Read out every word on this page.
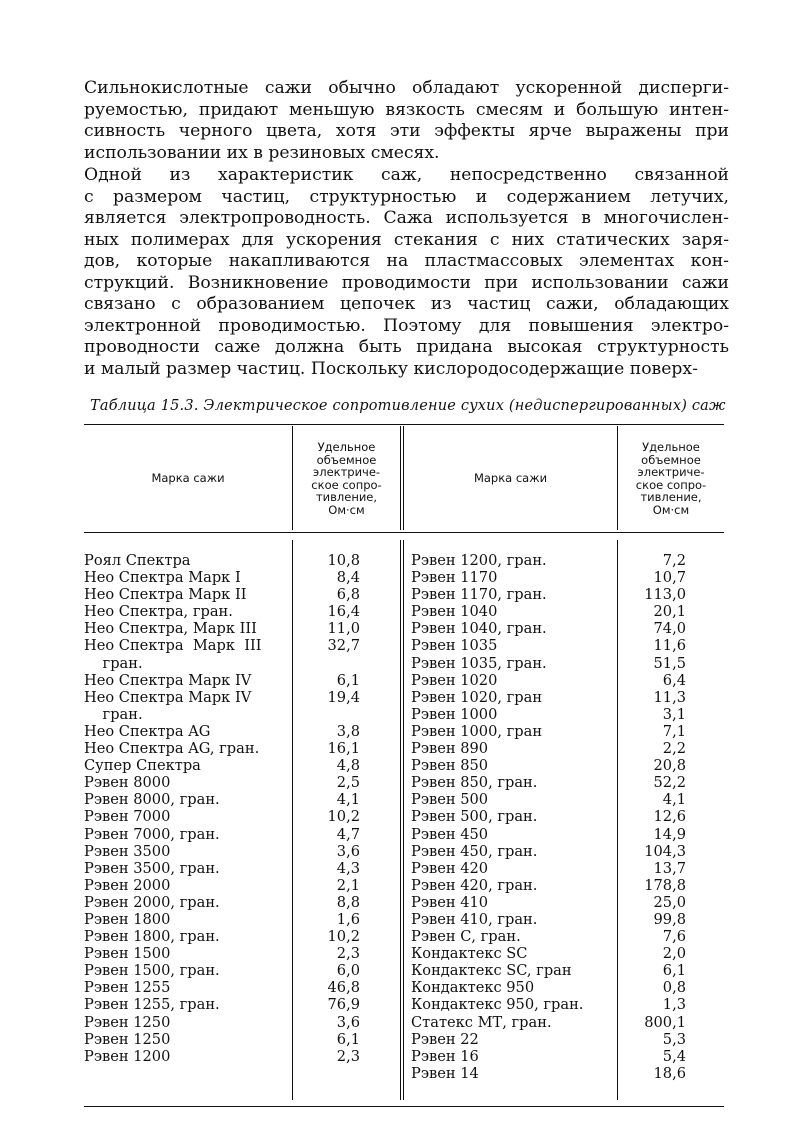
Сильнокислотные сажи обычно обладают ускоренной дисперги-
руемостью, придают меньшую вязкость смесям и большую интен-
сивность черного цвета, хотя эти эффекты ярче выражены при
использовании их в резиновых смесях.
Одной из характеристик саж, непосредственно связанной
с размером частиц, структурностью и содержанием летучих,
является электропроводность. Сажа используется в многочислен-
ных полимерах для ускорения стекания с них статических заря-
дов, которые накапливаются на пластмассовых элементах кон-
струкций. Возникновение проводимости при использовании сажи
связано с образованием цепочек из частиц сажи, обладающих
электронной проводимостью. Поэтому для повышения электро-
проводности саже должна быть придана высокая структурность
и малый размер частиц. Поскольку кислородосодержащие поверх-
Таблица 15.3. Электрическое сопротивление сухих (недиспергированных) саж
Марка сажи
Удельное
объемное
электриче-
ское сопро-
тивление,
Ом·см
Марка сажи
Удельное
объемное
электриче-
ское сопро-
тивление,
Ом·см
Роял Спектра
Нео Спектра Марк I
Нео Спектра Марк II
Нео Спектра, гран.
Нео Спектра, Марк III
Нео Спектра  Марк  III
гран.
Нео Спектра Марк IV
Нео Спектра Марк IV
гран.
Нео Спектра AG
Нео Спектра AG, гран.
Супер Спектра
Рэвен 8000
Рэвен 8000, гран.
Рэвен 7000
Рэвен 7000, гран.
Рэвен 3500
Рэвен 3500, гран.
Рэвен 2000
Рэвен 2000, гран.
Рэвен 1800
Рэвен 1800, гран.
Рэвен 1500
Рэвен 1500, гран.
Рэвен 1255
Рэвен 1255, гран.
Рэвен 1250
Рэвен 1250
Рэвен 1200
10,8
8,4
6,8
16,4
11,0
32,7
6,1
19,4
3,8
16,1
4,8
2,5
4,1
10,2
4,7
3,6
4,3
2,1
8,8
1,6
10,2
2,3
6,0
46,8
76,9
3,6
6,1
2,3
Рэвен 1200, гран.
Рэвен 1170
Рэвен 1170, гран.
Рэвен 1040
Рэвен 1040, гран.
Рэвен 1035
Рэвен 1035, гран.
Рэвен 1020
Рэвен 1020, гран
Рэвен 1000
Рэвен 1000, гран
Рэвен 890
Рэвен 850
Рэвен 850, гран.
Рэвен 500
Рэвен 500, гран.
Рэвен 450
Рэвен 450, гран.
Рэвен 420
Рэвен 420, гран.
Рэвен 410
Рэвен 410, гран.
Рэвен С, гран.
Кондактекс SC
Кондактекс SC, гран
Кондактекс 950
Кондактекс 950, гран.
Статекс МТ, гран.
Рэвен 22
Рэвен 16
Рэвен 14
7,2
10,7
113,0
20,1
74,0
11,6
51,5
6,4
11,3
3,1
7,1
2,2
20,8
52,2
4,1
12,6
14,9
104,3
13,7
178,8
25,0
99,8
7,6
2,0
6,1
0,8
1,3
800,1
5,3
5,4
18,6
